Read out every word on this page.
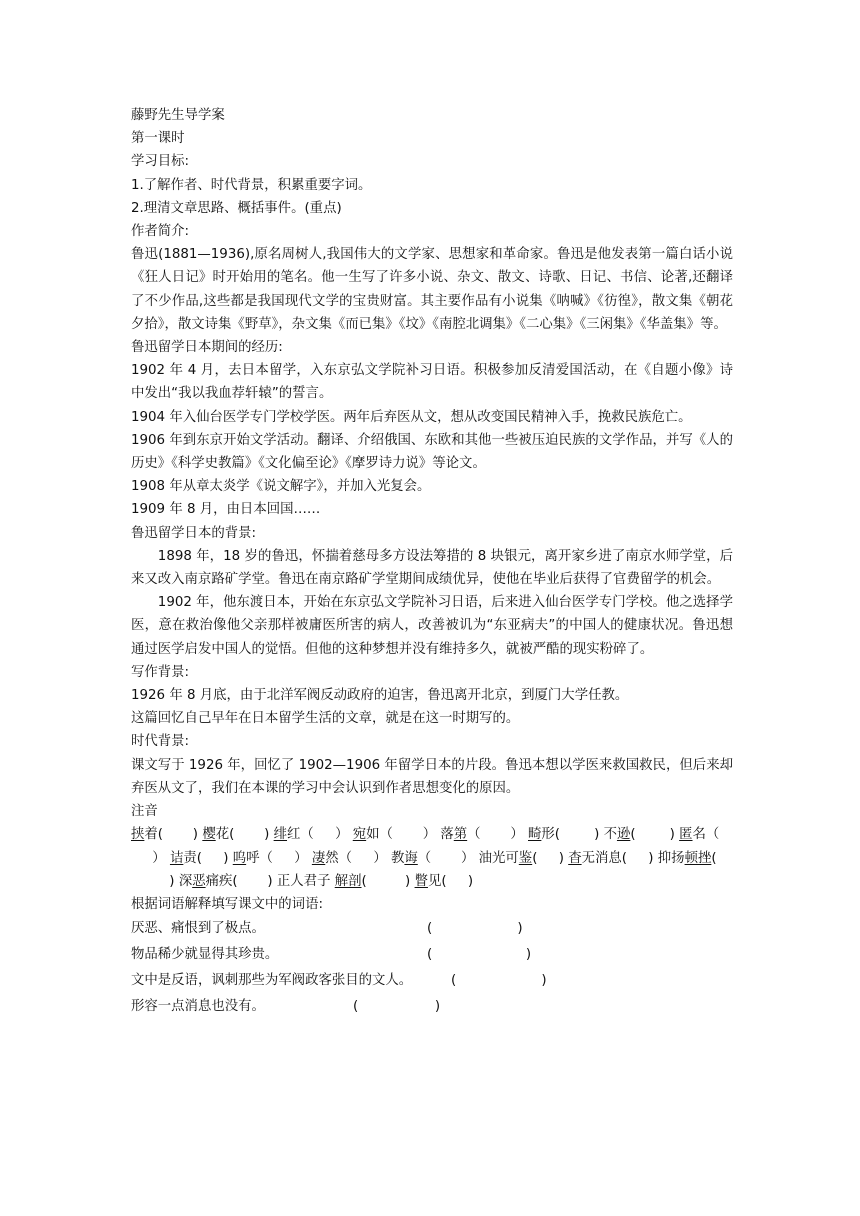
藤野先生导学案
第一课时
学习目标:
1.了解作者、时代背景，积累重要字词。
2.理清文章思路、概括事件。(重点)
作者简介:
鲁迅(1881—1936),原名周树人,我国伟大的文学家、思想家和革命家。鲁迅是他发表第一篇白话小说《狂人日记》时开始用的笔名。他一生写了许多小说、杂文、散文、诗歌、日记、书信、论著,还翻译了不少作品,这些都是我国现代文学的宝贵财富。其主要作品有小说集《呐喊》《彷徨》，散文集《朝花夕拾》，散文诗集《野草》，杂文集《而已集》《坟》《南腔北调集》《二心集》《三闲集》《华盖集》等。
鲁迅留学日本期间的经历:
1902 年 4 月，去日本留学，入东京弘文学院补习日语。积极参加反清爱国活动，在《自题小像》诗中发出“我以我血荐轩辕”的誓言。
1904 年入仙台医学专门学校学医。两年后弃医从文，想从改变国民精神入手，挽救民族危亡。
1906 年到东京开始文学活动。翻译、介绍俄国、东欧和其他一些被压迫民族的文学作品，并写《人的历史》《科学史教篇》《文化偏至论》《摩罗诗力说》等论文。
1908 年从章太炎学《说文解字》，并加入光复会。
1909 年 8 月，由日本回国……
鲁迅留学日本的背景:
1898 年，18 岁的鲁迅，怀揣着慈母多方设法筹措的 8 块银元，离开家乡进了南京水师学堂，后来又改入南京路矿学堂。鲁迅在南京路矿学堂期间成绩优异，使他在毕业后获得了官费留学的机会。
1902 年，他东渡日本，开始在东京弘文学院补习日语，后来进入仙台医学专门学校。他之选择学医，意在救治像他父亲那样被庸医所害的病人，改善被讥为“东亚病夫”的中国人的健康状况。鲁迅想通过医学启发中国人的觉悟。但他的这种梦想并没有维持多久，就被严酷的现实粉碎了。
写作背景:
1926 年 8 月底，由于北洋军阀反动政府的迫害，鲁迅离开北京，到厦门大学任教。
这篇回忆自己早年在日本留学生活的文章，就是在这一时期写的。
时代背景:
课文写于 1926 年，回忆了 1902—1906 年留学日本的片段。鲁迅本想以学医来救国救民，但后来却弃医从文了，我们在本课的学习中会认识到作者思想变化的原因。
注音
挟着(       ) 樱花(       ) 绯红（     ） 宛如（       ） 落第（       ） 畸形(        ) 不逊(        ) 匿名（     ） 诘责(     ) 呜呼（     ） 凄然（     ） 教诲（       ） 油光可鉴(     ) 杳无消息(     ) 抑扬顿挫(         ) 深恶痛疾(       ) 正人君子 解剖(         ) 瞥见(     )
根据词语解释填写课文中的词语:
厌恶、痛恨到了极点。	(                    )
物品稀少就显得其珍贵。	(                      )
文中是反语，讽刺那些为军阀政客张目的文人。	(                    )
形容一点消息也没有。	(                  )
